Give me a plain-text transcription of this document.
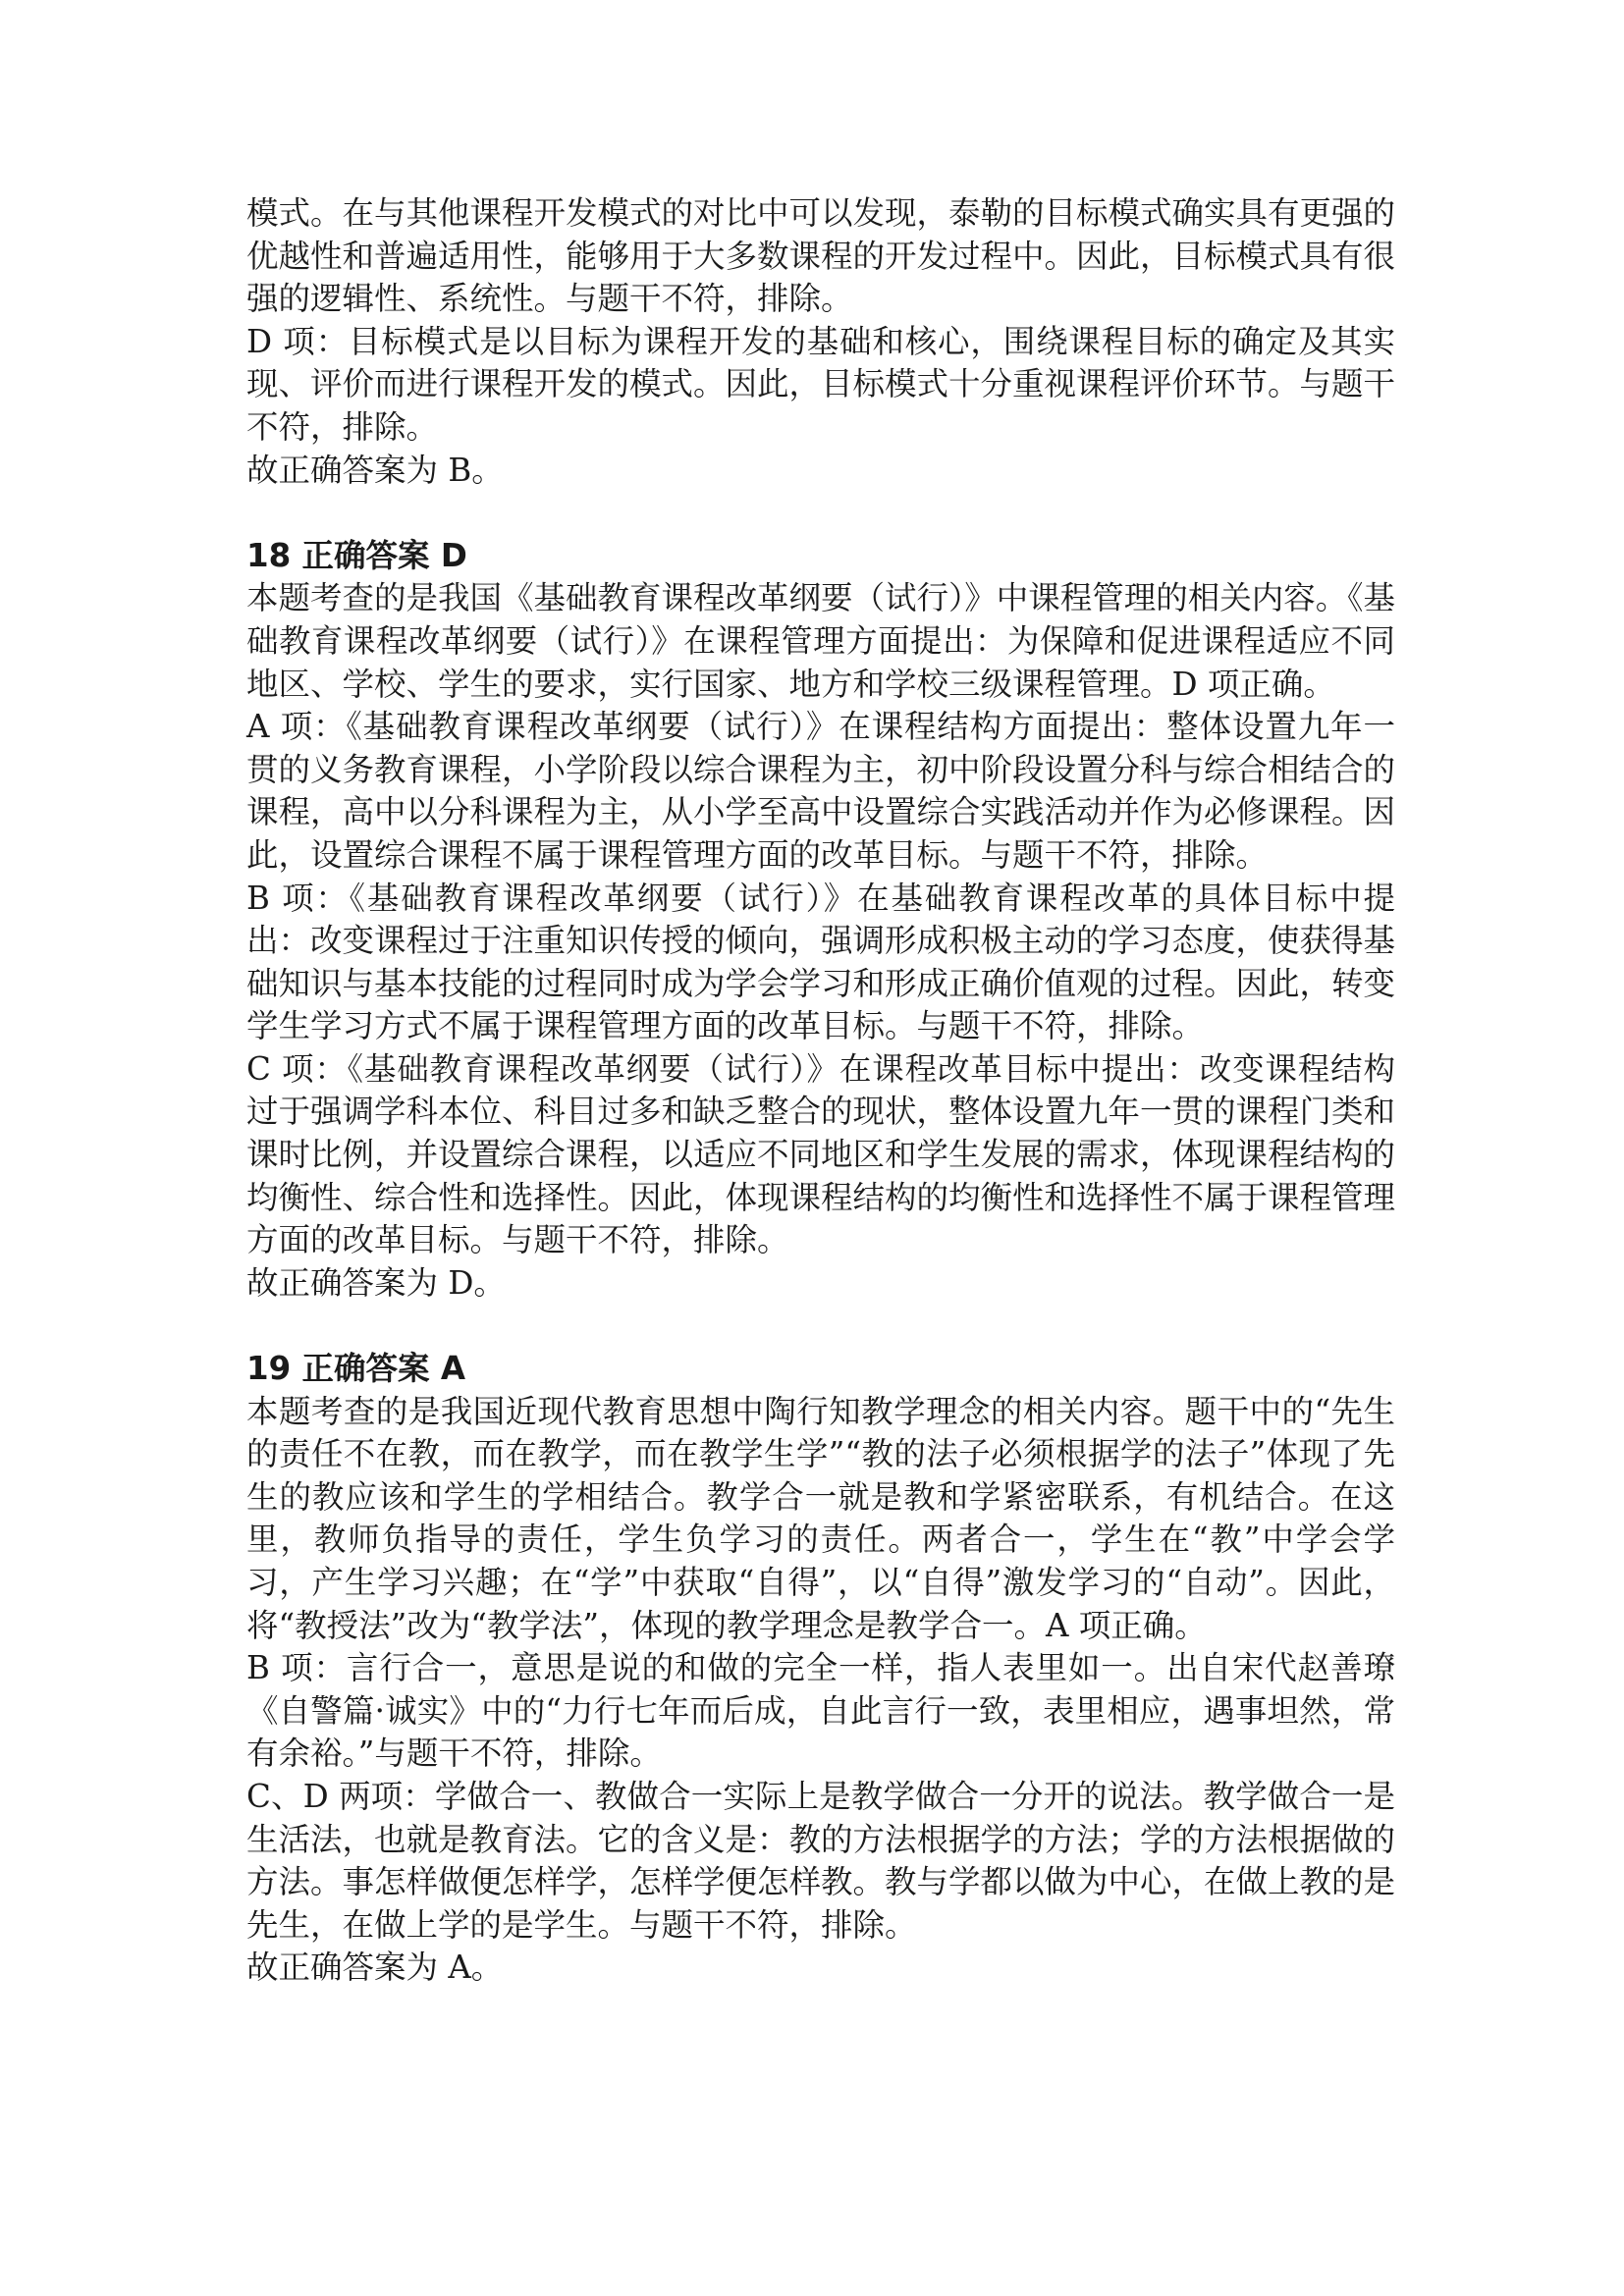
模式。在与其他课程开发模式的对比中可以发现，泰勒的目标模式确实具有更强的优越性和普遍适用性，能够用于大多数课程的开发过程中。因此，目标模式具有很强的逻辑性、系统性。与题干不符，排除。

D 项：目标模式是以目标为课程开发的基础和核心，围绕课程目标的确定及其实现、评价而进行课程开发的模式。因此，目标模式十分重视课程评价环节。与题干不符，排除。

故正确答案为 B。

18 正确答案 D

本题考查的是我国《基础教育课程改革纲要（试行）》中课程管理的相关内容。《基础教育课程改革纲要（试行）》在课程管理方面提出：为保障和促进课程适应不同地区、学校、学生的要求，实行国家、地方和学校三级课程管理。D 项正确。

A 项：《基础教育课程改革纲要（试行）》在课程结构方面提出：整体设置九年一贯的义务教育课程，小学阶段以综合课程为主，初中阶段设置分科与综合相结合的课程，高中以分科课程为主，从小学至高中设置综合实践活动并作为必修课程。因此，设置综合课程不属于课程管理方面的改革目标。与题干不符，排除。

B 项：《基础教育课程改革纲要（试行）》在基础教育课程改革的具体目标中提出：改变课程过于注重知识传授的倾向，强调形成积极主动的学习态度，使获得基础知识与基本技能的过程同时成为学会学习和形成正确价值观的过程。因此，转变学生学习方式不属于课程管理方面的改革目标。与题干不符，排除。

C 项：《基础教育课程改革纲要（试行）》在课程改革目标中提出：改变课程结构过于强调学科本位、科目过多和缺乏整合的现状，整体设置九年一贯的课程门类和课时比例，并设置综合课程，以适应不同地区和学生发展的需求，体现课程结构的均衡性、综合性和选择性。因此，体现课程结构的均衡性和选择性不属于课程管理方面的改革目标。与题干不符，排除。

故正确答案为 D。

19 正确答案 A

本题考查的是我国近现代教育思想中陶行知教学理念的相关内容。题干中的“先生的责任不在教，而在教学，而在教学生学”“教的法子必须根据学的法子”体现了先生的教应该和学生的学相结合。教学合一就是教和学紧密联系，有机结合。在这里，教师负指导的责任，学生负学习的责任。两者合一，学生在“教”中学会学习，产生学习兴趣；在“学”中获取“自得”，以“自得”激发学习的“自动”。因此，将“教授法”改为“教学法”，体现的教学理念是教学合一。A 项正确。

B 项：言行合一，意思是说的和做的完全一样，指人表里如一。出自宋代赵善璙《自警篇·诚实》中的“力行七年而后成，自此言行一致，表里相应，遇事坦然，常有余裕。”与题干不符，排除。

C、D 两项：学做合一、教做合一实际上是教学做合一分开的说法。教学做合一是生活法，也就是教育法。它的含义是：教的方法根据学的方法；学的方法根据做的方法。事怎样做便怎样学，怎样学便怎样教。教与学都以做为中心，在做上教的是先生，在做上学的是学生。与题干不符，排除。

故正确答案为 A。
